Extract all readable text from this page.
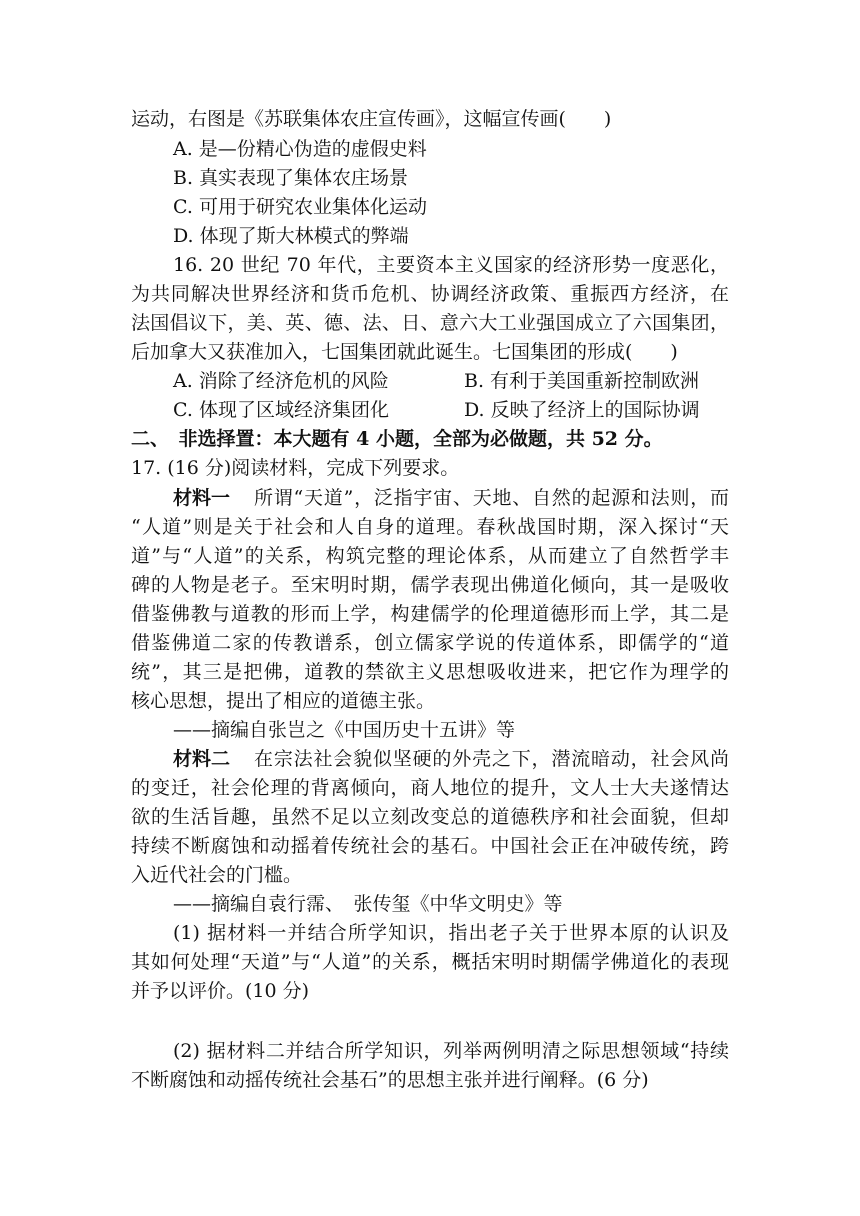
运动，右图是《苏联集体农庄宣传画》，这幅宣传画(　　)
A. 是—份精心伪造的虚假史料
B. 真实表现了集体农庄场景
C. 可用于研究农业集体化运动
D. 体现了斯大林模式的弊端
16. 20 世纪 70 年代，主要资本主义国家的经济形势一度恶化，
为共同解决世界经济和货币危机、协调经济政策、重振西方经济，在
法国倡议下，美、英、德、法、日、意六大工业强国成立了六国集团，
后加拿大又获准加入，七国集团就此诞生。七国集团的形成(　　)
A. 消除了经济危机的风险	B. 有利于美国重新控制欧洲
C. 体现了区域经济集团化	D. 反映了经济上的国际协调
二、　非选择置：本大题有 4 小题，全部为必做题，共 52 分。
17. (16 分)阅读材料，完成下列要求。
材料一 所谓“天道”，泛指宇宙、天地、自然的起源和法则，而
“人道”则是关于社会和人自身的道理。春秋战国时期，深入探讨“天
道”与“人道”的关系，构筑完整的理论体系，从而建立了自然哲学丰
碑的人物是老子。至宋明时期，儒学表现出佛道化倾向，其一是吸收
借鉴佛教与道教的形而上学，构建儒学的伦理道德形而上学，其二是
借鉴佛道二家的传教谱系，创立儒家学说的传道体系，即儒学的“道
统”，其三是把佛，道教的禁欲主义思想吸收进来，把它作为理学的
核心思想，提出了相应的道德主张。
——摘编自张岂之《中国历史十五讲》等
材料二 在宗法社会貌似坚硬的外壳之下，潜流暗动，社会风尚
的变迁，社会伦理的背离倾向，商人地位的提升，文人士大夫遂情达
欲的生活旨趣，虽然不足以立刻改变总的道德秩序和社会面貌，但却
持续不断腐蚀和动摇着传统社会的基石。中国社会正在冲破传统，跨
入近代社会的门槛。
——摘编自袁行霈、　张传玺《中华文明史》等
(1) 据材料一并结合所学知识，指出老子关于世界本原的认识及
其如何处理“天道”与“人道”的关系，概括宋明时期儒学佛道化的表现
并予以评价。(10 分)
(2) 据材料二并结合所学知识，列举两例明清之际思想领域“持续
不断腐蚀和动摇传统社会基石”的思想主张并进行阐释。(6 分)
